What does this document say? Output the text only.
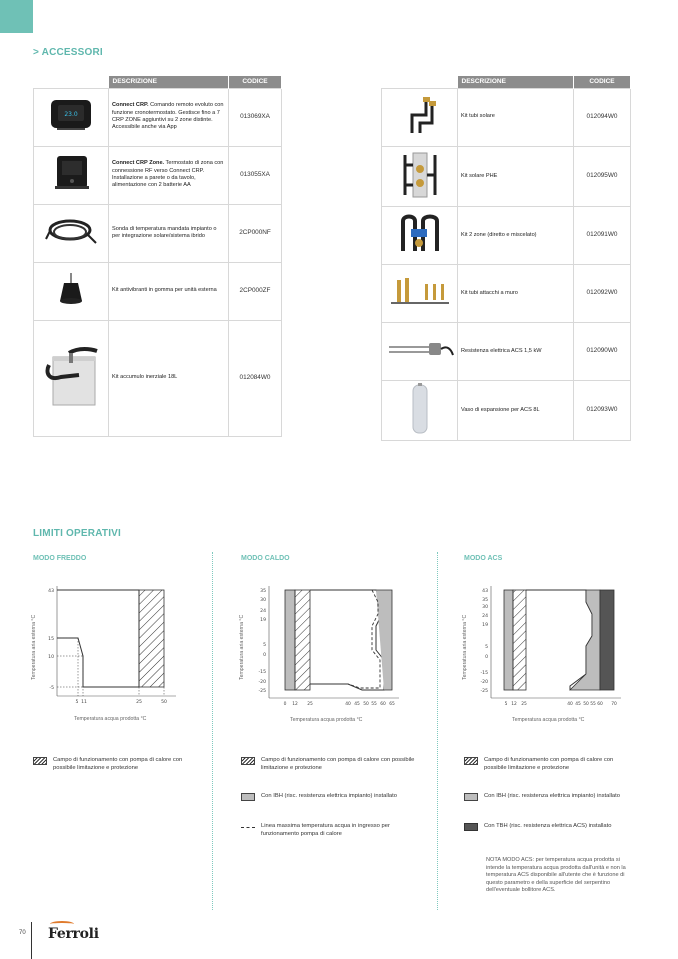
> ACCESSORI
	DESCRIZIONE	CODICE

23.0	Connect CRP. Comando remoto evoluto con funzione cronotermostato. Gestisce fino a 7 CRP ZONE aggiuntivi su 2 zone distinte. Accessibile anche via App	013069XA
	Connect CRP Zone. Termostato di zona con connessione RF verso Connect CRP. Installazione a parete o da tavolo, alimentazione con 2 batterie AA	013055XA
	Sonda di temperatura mandata impianto o per integrazione solare/sistema ibrido	2CP000NF
	Kit antivibranti in gomma per unità esterna	2CP000ZF
	Kit accumulo inerziale 18L	012084W0
	DESCRIZIONE	CODICE
	Kit tubi solare	012094W0
	Kit solare PHE	012095W0
	Kit 2 zone (diretto e miscelato)	012091W0
	Kit tubi attacchi a muro	012092W0
	Resistenza elettrica ACS 1,5 kW	012090W0
	Vaso di espansione per ACS 8L	012093W0
LIMITI OPERATIVI
MODO FREDDO	MODO CALDO	MODO ACS
Temperatura aria esterna °C	Temperatura aria esterna °C	Temperatura aria esterna °C
Temperatura acqua prodotta °C	Temperatura acqua prodotta °C	Temperatura acqua prodotta °C
43
15
10
-5
5 11	25	50
35
30
24
19
5
0
-15
-20
-25
0 12 25	40 45 50 55 60 65
43
35
30
24
19
5
0
-15
-20
-25
5 12 25	40 45 50 55 60 70
Campo di funzionamento con pompa di calore con possibile limitazione e protezione
Campo di funzionamento con pompa di calore con possibile limitazione e protezione
Con IBH (risc. resistenza elettrica impianto) installato
Linea massima temperatura acqua in ingresso per funzionamento pompa di calore
Campo di funzionamento con pompa di calore con possibile limitazione e protezione
Con IBH (risc. resistenza elettrica impianto) installato
Con TBH (risc. resistenza elettrica ACS) installato
NOTA MODO ACS: per temperatura acqua prodotta si intende la temperatura acqua prodotta dall'unità e non la temperatura ACS disponibile all'utente che è funzione di questo parametro e della superficie del serpentino dell'eventuale bollitore ACS.
70 Ferroli
